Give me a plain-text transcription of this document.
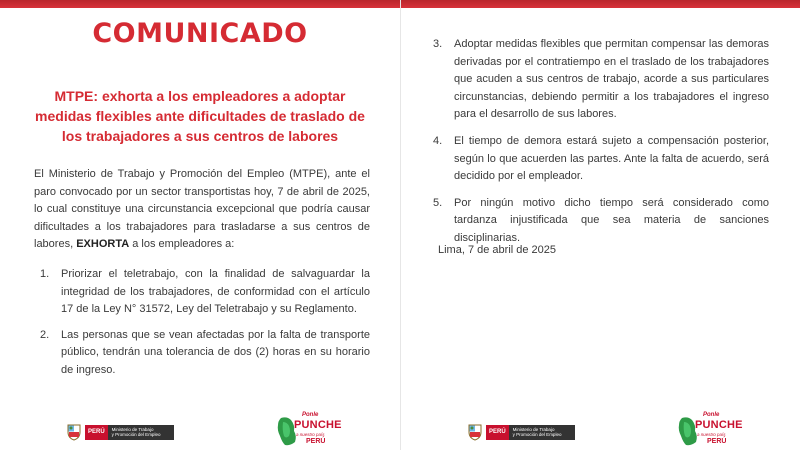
COMUNICADO
MTPE: exhorta a los empleadores a adoptar medidas flexibles ante dificultades de traslado de los trabajadores a sus centros de labores

El Ministerio de Trabajo y Promoción del Empleo (MTPE), ante el paro convocado por un sector transportistas hoy, 7 de abril de 2025, lo cual constituye una circunstancia excepcional que podría causar dificultades a los trabajadores para trasladarse a sus centros de labores, EXHORTA a los empleadores a:

1. Priorizar el teletrabajo, con la finalidad de salvaguardar la integridad de los trabajadores, de conformidad con el artículo 17 de la Ley N° 31572, Ley del Teletrabajo y su Reglamento.
2. Las personas que se vean afectadas por la falta de transporte público, tendrán una tolerancia de dos (2) horas en su horario de ingreso.
PERÚ	Ministerio de Trabajo
y Promoción del Empleo
Ponle
PUNCHE
a nuestro país
PERÚ
3. Adoptar medidas flexibles que permitan compensar las demoras derivadas por el contratiempo en el traslado de los trabajadores que acuden a sus centros de trabajo, acorde a sus particulares circunstancias, debiendo permitir a los trabajadores el ingreso para el desarrollo de sus labores.
4. El tiempo de demora estará sujeto a compensación posterior, según lo que acuerden las partes. Ante la falta de acuerdo, será decidido por el empleador.
5. Por ningún motivo dicho tiempo será considerado como tardanza injustificada que sea materia de sanciones disciplinarias.
Lima, 7 de abril de 2025
PERÚ	Ministerio de Trabajo
y Promoción del Empleo
Ponle
PUNCHE
a nuestro país
PERÚ
